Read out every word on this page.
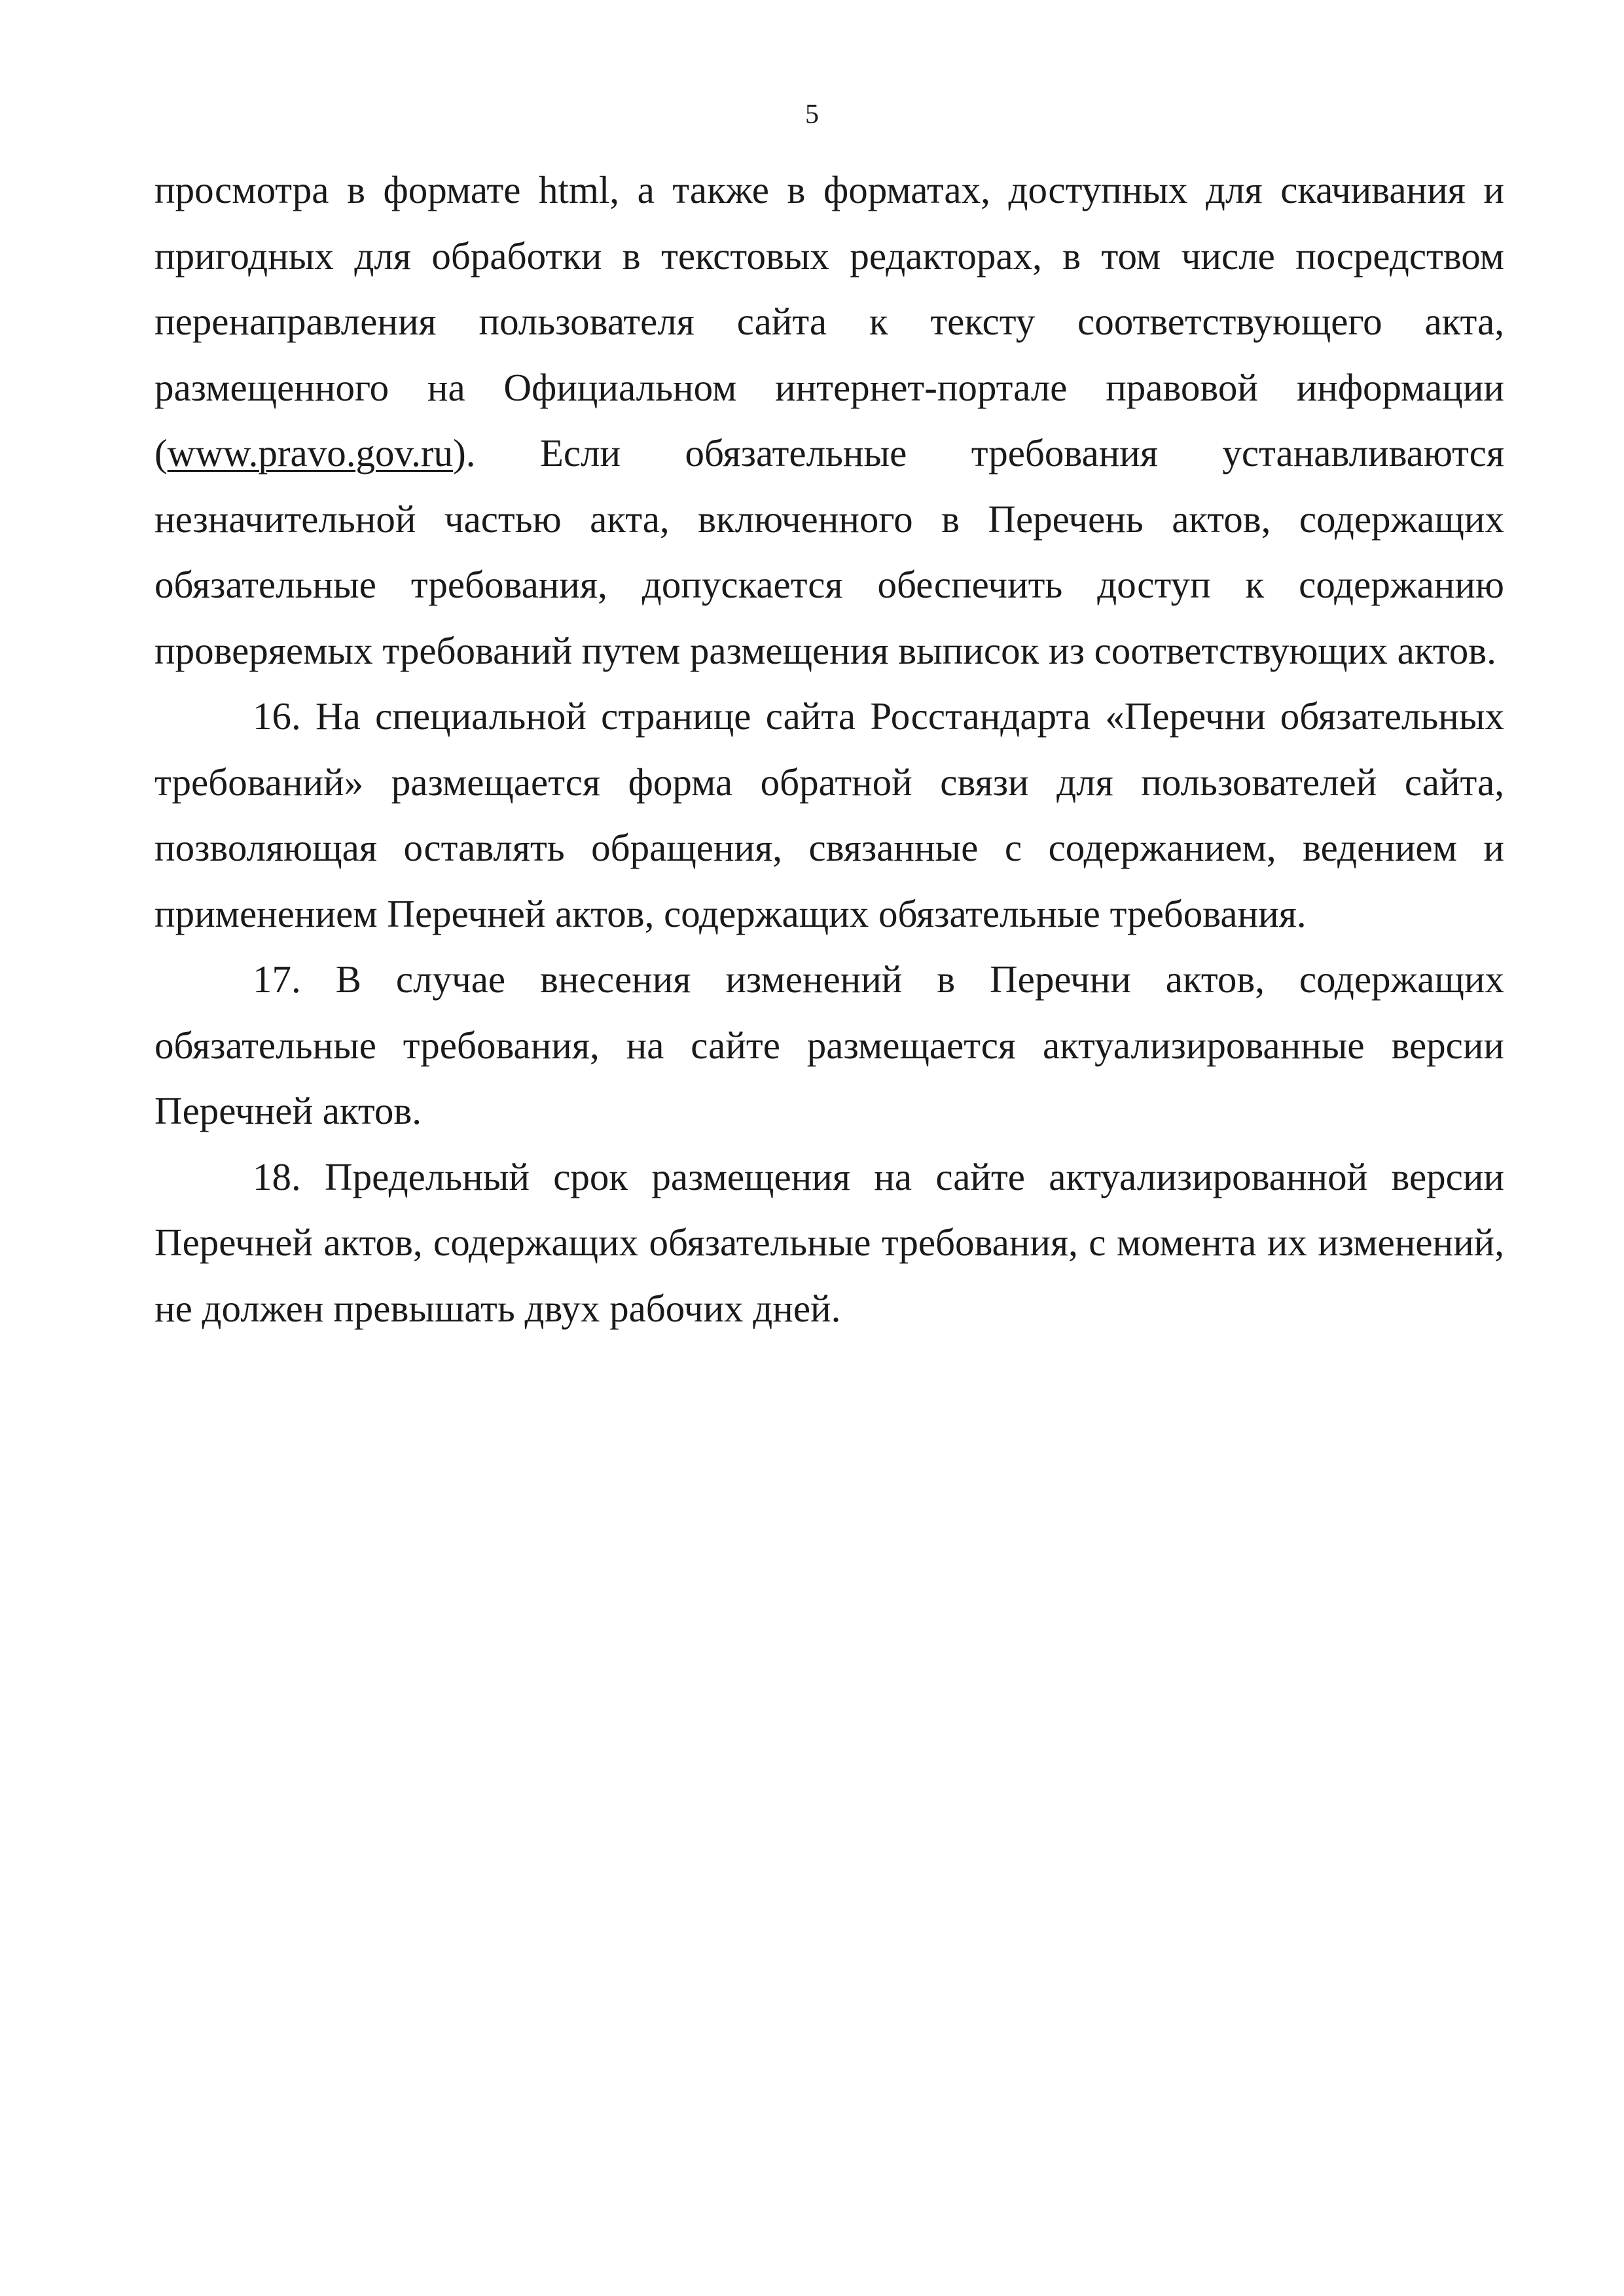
5

просмотра в формате html, а также в форматах, доступных для скачивания и пригодных для обработки в текстовых редакторах, в том числе посредством перенаправления пользователя сайта к тексту соответствующего акта, размещенного на Официальном интернет-портале правовой информации (www.pravo.gov.ru). Если обязательные требования устанавливаются незначительной частью акта, включенного в Перечень актов, содержащих обязательные требования, допускается обеспечить доступ к содержанию проверяемых требований путем размещения выписок из соответствующих актов.

16. На специальной странице сайта Росстандарта «Перечни обязательных требований» размещается форма обратной связи для пользователей сайта, позволяющая оставлять обращения, связанные с содержанием, ведением и применением Перечней актов, содержащих обязательные требования.

17. В случае внесения изменений в Перечни актов, содержащих обязательные требования, на сайте размещается актуализированные версии Перечней актов.

18. Предельный срок размещения на сайте актуализированной версии Перечней актов, содержащих обязательные требования, с момента их изменений, не должен превышать двух рабочих дней.
